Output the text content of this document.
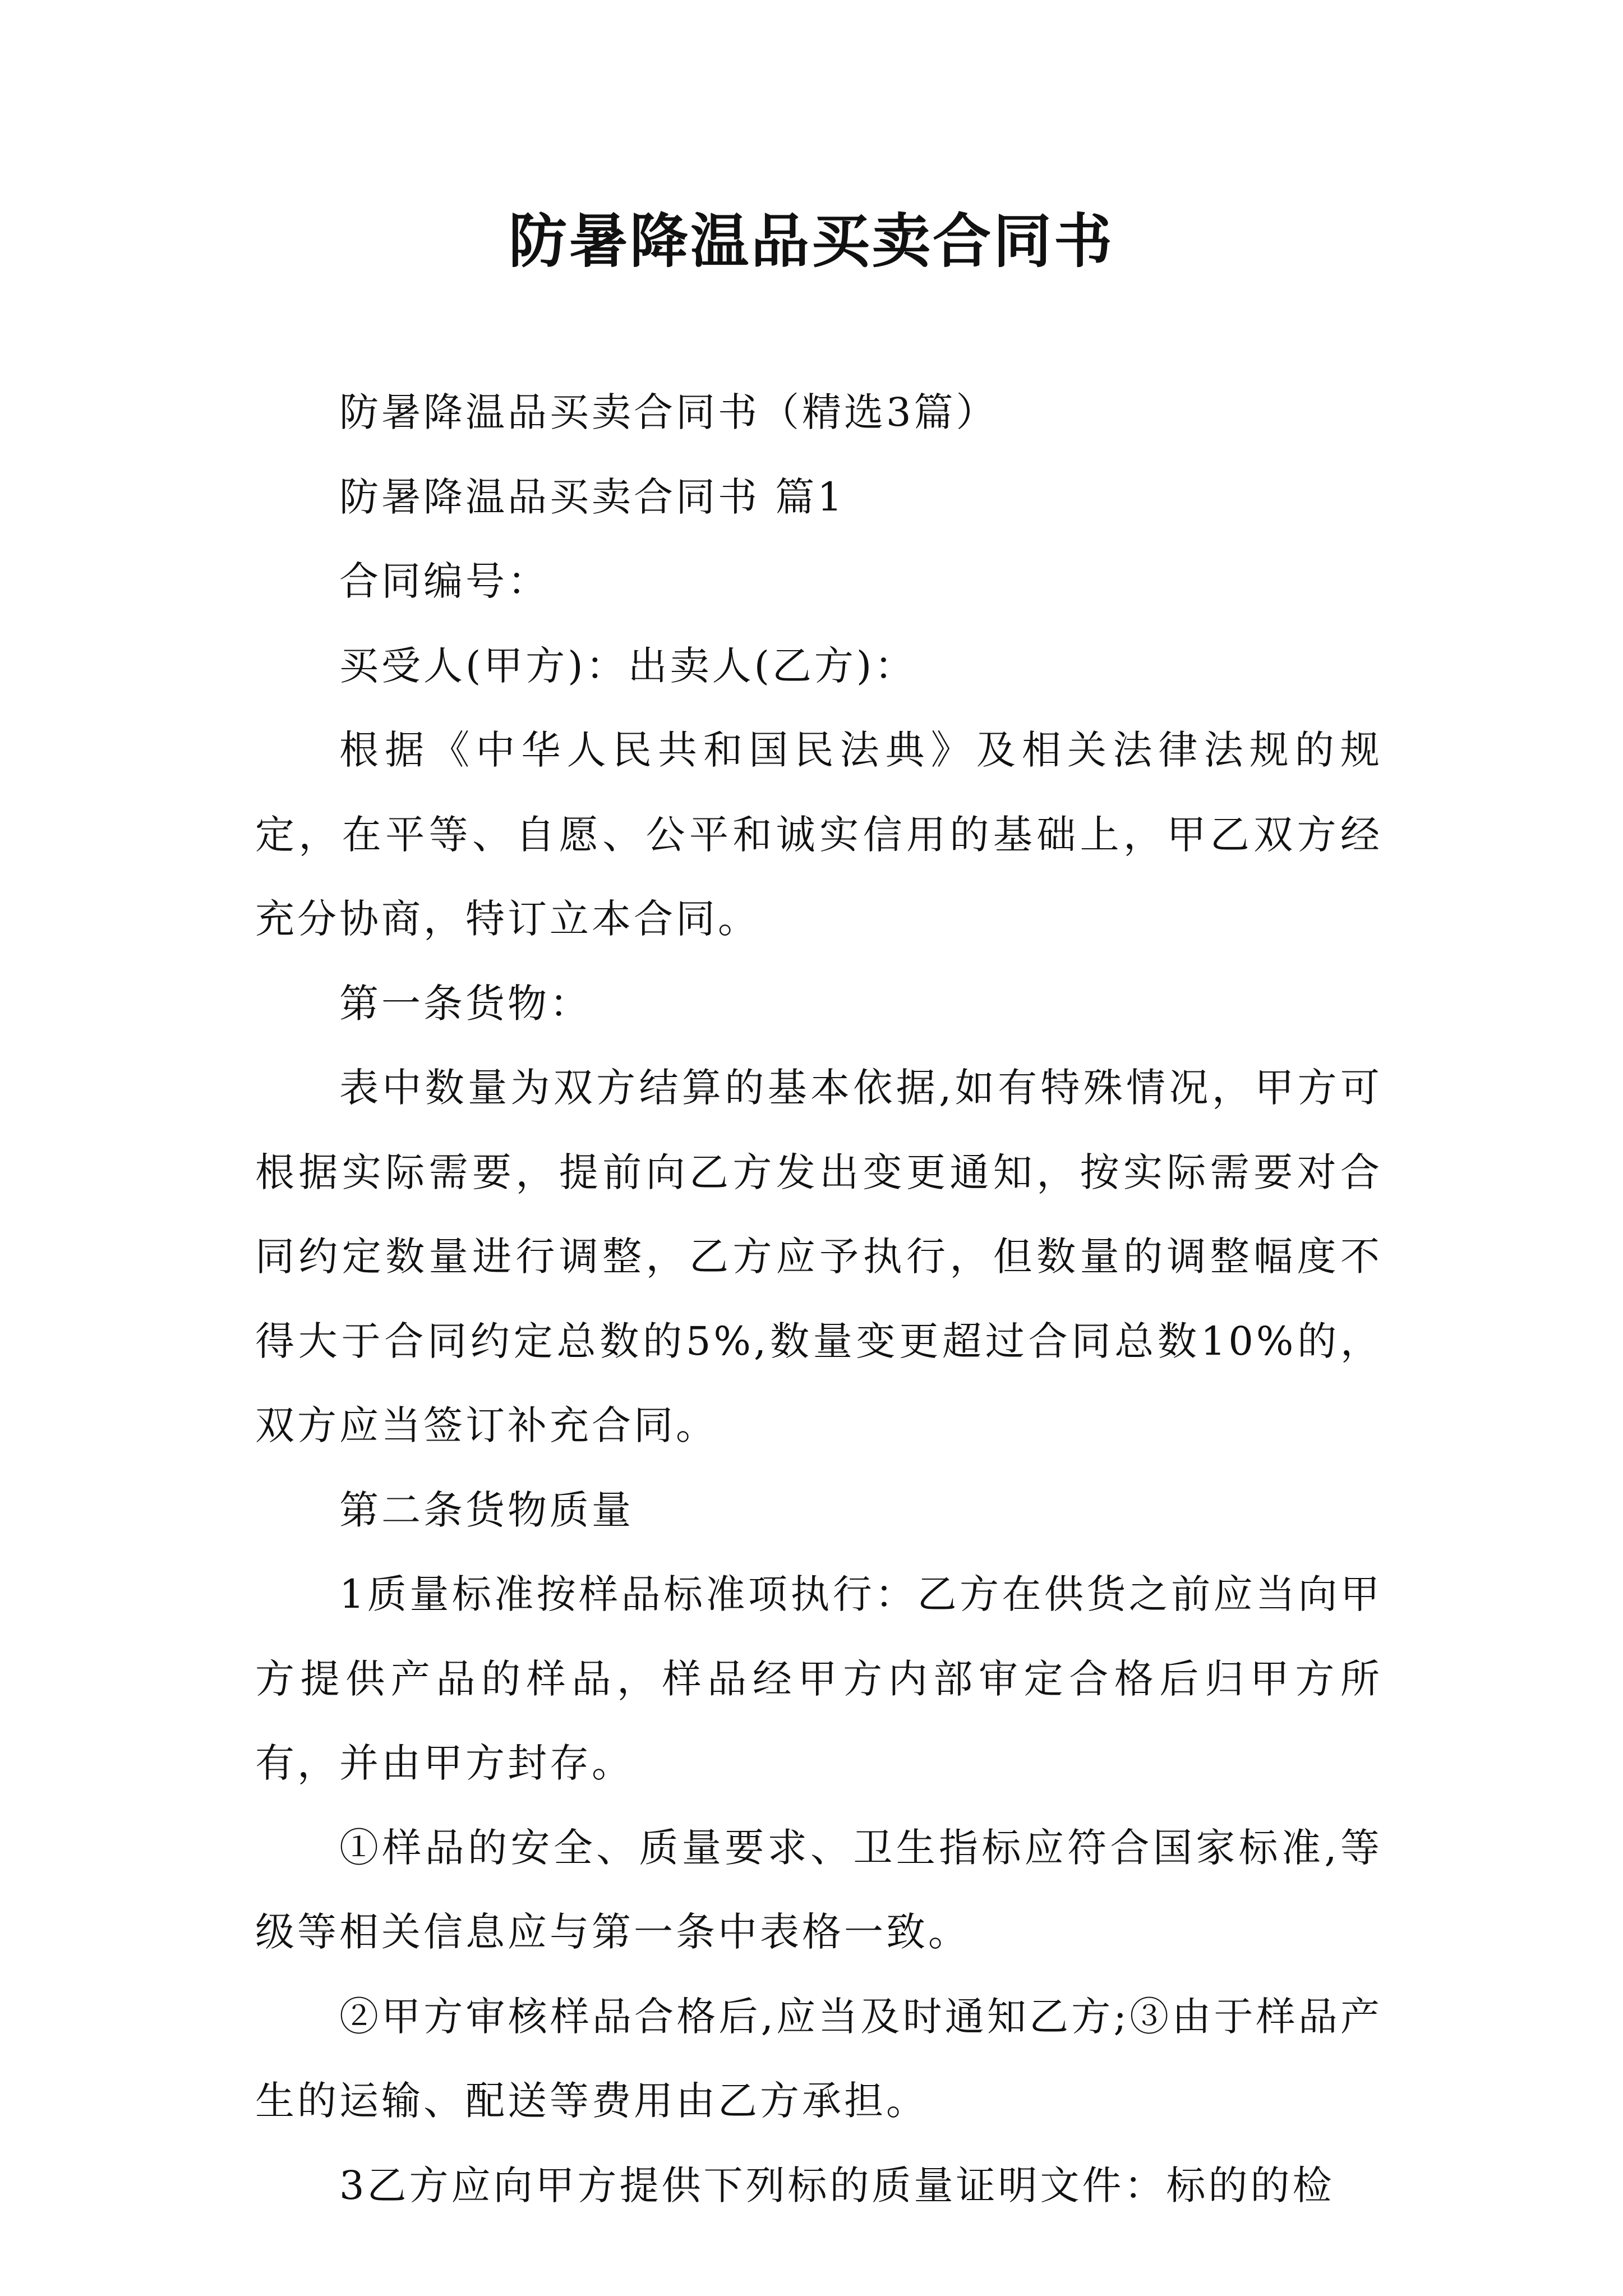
防暑降温品买卖合同书

防暑降温品买卖合同书（精选3篇）

防暑降温品买卖合同书 篇1

合同编号：

买受人(甲方)：出卖人(乙方)：

根据《中华人民共和国民法典》及相关法律法规的规定，在平等、自愿、公平和诚实信用的基础上，甲乙双方经充分协商，特订立本合同。

第一条货物：

表中数量为双方结算的基本依据,如有特殊情况，甲方可根据实际需要，提前向乙方发出变更通知，按实际需要对合同约定数量进行调整，乙方应予执行，但数量的调整幅度不得大于合同约定总数的5%,数量变更超过合同总数10%的，双方应当签订补充合同。

第二条货物质量

1质量标准按样品标准项执行：乙方在供货之前应当向甲方提供产品的样品，样品经甲方内部审定合格后归甲方所有，并由甲方封存。

①样品的安全、质量要求、卫生指标应符合国家标准,等级等相关信息应与第一条中表格一致。

②甲方审核样品合格后,应当及时通知乙方;③由于样品产生的运输、配送等费用由乙方承担。

3乙方应向甲方提供下列标的质量证明文件：标的的检
